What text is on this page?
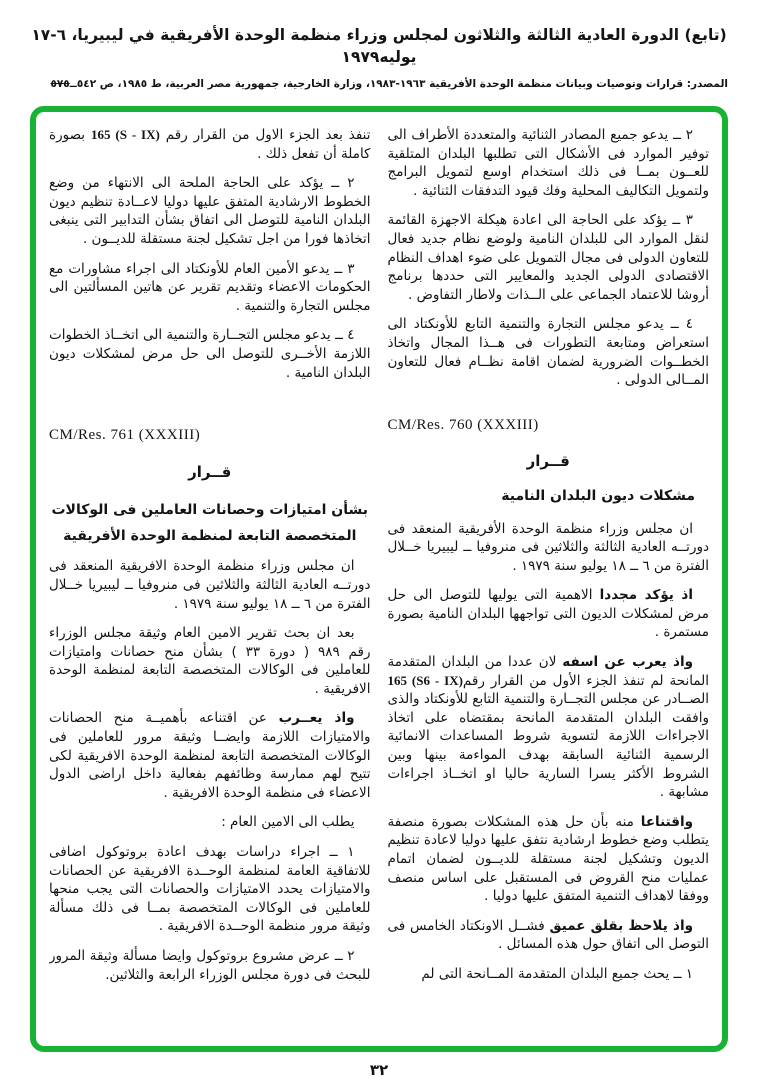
(تابع) الدورة العادية الثالثة والثلاثون لمجلس وزراء منظمة الوحدة الأفريقية في ليبيريا، ٦-١٧ يوليه١٩٧٩
المصدر: قرارات وتوصيات وبيانات منظمة الوحدة الأفريقية ١٩٦٣-١٩٨٣، وزارة الخارجية، جمهورية مصر العربية، ط ١٩٨٥، ص ٥٤٢ــ٥٧٥

٢ ــ يدعو جميع المصادر الثنائية والمتعددة الأطراف الى توفير الموارد فى الأشكال التى تطلبها البلدان المتلقية للعــون بمــا فى ذلك استخدام اوسع لتمويل البرامج ولتمويل التكاليف المحلية وفك قيود التدفقات الثنائية .

٣ ــ يؤكد على الحاجة الى اعادة هيكلة الاجهزة القائمة لنقل الموارد الى للبلدان النامية ولوضع نظام جديد فعال للتعاون الدولى فى مجال التمويل على ضوء اهداف النظام الاقتصادى الدولى الجديد والمعايير التى حددها برنامج أروشا للاعتماد الجماعى على الــذات ولاطار التفاوض .

٤ ــ يدعو مجلس التجارة والتنمية التابع للأونكتاد الى استعراض ومتابعة التطورات فى هــذا المجال واتخاذ الخطــوات الضرورية لضمان اقامة نظــام فعال للتعاون المــالى الدولى .

CM/Res. 760 (XXXIII)
قــرار
مشكلات ديون البلدان النامية

ان مجلس وزراء منظمة الوحدة الأفريقية المنعقد فى دورتــه العادية الثالثة والثلاثين فى منروفيا ــ ليبيريا خــلال الفترة من ٦ ــ ١٨ يوليو سنة ١٩٧٩ .

اذ يؤكد مجددا الاهمية التى يوليها للتوصل الى حل مرض لمشكلات الديون التى تواجهها البلدان النامية بصورة مستمرة .

واذ يعرب عن اسفه لان عددا من البلدان المتقدمة المانحة لم تنفذ الجزء الأول من القرار رقم165 (S6 - IX) الصــادر عن مجلس التجــارة والتنمية التابع للأونكتاد والذى وافقت البلدان المتقدمة المانحة بمقتضاه على اتخاذ الاجراءات اللازمة لتسوية شروط المساعدات الانمائية الرسمية الثنائية السابقة بهدف المواءمة بينها وبين الشروط الأكثر يسرا السارية حاليا او اتخــاذ اجراءات مشابهة .

واقتناعا منه بأن حل هذه المشكلات بصورة منصفة يتطلب وضع خطوط ارشادية نتفق عليها دوليا لاعادة تنظيم الديون وتشكيل لجنة مستقلة للديــون لضمان اتمام عمليات منح القروض فى المستقبل على اساس منصف ووفقا لاهداف التنمية المتفق عليها دوليا .

واذ يلاحظ بقلق عميق فشــل الاونكتاد الخامس فى التوصل الى اتفاق حول هذه المسائل .

١ ــ يحث جميع البلدان المتقدمة المــانحة التى لم

تنفذ بعد الجزء الاول من القرار رقم 165 (S - IX) بصورة كاملة أن تفعل ذلك .

٢ ــ يؤكد على الحاجة الملحة الى الانتهاء من وضع الخطوط الارشادية المتفق عليها دوليا لاعــادة تنظيم ديون البلدان النامية للتوصل الى اتفاق بشأن التدابير التى ينبغى اتخاذها فورا من اجل تشكيل لجنة مستقلة للديــون .

٣ ــ يدعو الأمين العام للأونكتاد الى اجراء مشاورات مع الحكومات الاعضاء وتقديم تقرير عن هاتين المسألتين الى مجلس التجارة والتنمية .

٤ ــ يدعو مجلس التجــارة والتنمية الى اتخــاذ الخطوات اللازمة الأخــرى للتوصل الى حل مرض لمشكلات ديون البلدان النامية .

CM/Res. 761 (XXXIII)
قــرار
بشأن امتيازات وحصانات العاملين فى الوكالات
المتخصصة التابعة لمنظمة الوحدة الأفريقية

ان مجلس وزراء منظمة الوحدة الافريقية المنعقد فى دورتــه العادية الثالثة والثلاثين فى منروفيا ــ ليبيريا خــلال الفترة من ٦ ــ ١٨ يوليو سنة ١٩٧٩ .

بعد ان بحث تقرير الامين العام وثيقة مجلس الوزراء رقم ٩٨٩ ( دورة ٣٣ ) بشأن منح حصانات وامتيازات للعاملين فى الوكالات المتخصصة التابعة لمنظمة الوحدة الافريقية .

واذ يعــرب عن اقتناعه بأهميــة منح الحصانات والامتيازات اللازمة وايضــا وثيقة مرور للعاملين فى الوكالات المتخصصة التابعة لمنظمة الوحدة الافريقية لكى تتيح لهم ممارسة وظائفهم بفعالية داخل اراضى الدول الاعضاء فى منظمة الوحدة الافريقية .

يطلب الى الامين العام :

١ ــ اجراء دراسات بهدف اعادة بروتوكول اضافى للاتفاقية العامة لمنظمة الوحــدة الافريقية عن الحصانات والامتيازات يحدد الامتيازات والحصانات التى يجب منحها للعاملين فى الوكالات المتخصصة بمــا فى ذلك مسألة وثيقة مرور منظمة الوحــدة الافريقية .

٢ ــ عرض مشروع بروتوكول وايضا مسألة وثيقة المرور للبحث فى دورة مجلس الوزراء الرابعة والثلاثين.

٣٢
